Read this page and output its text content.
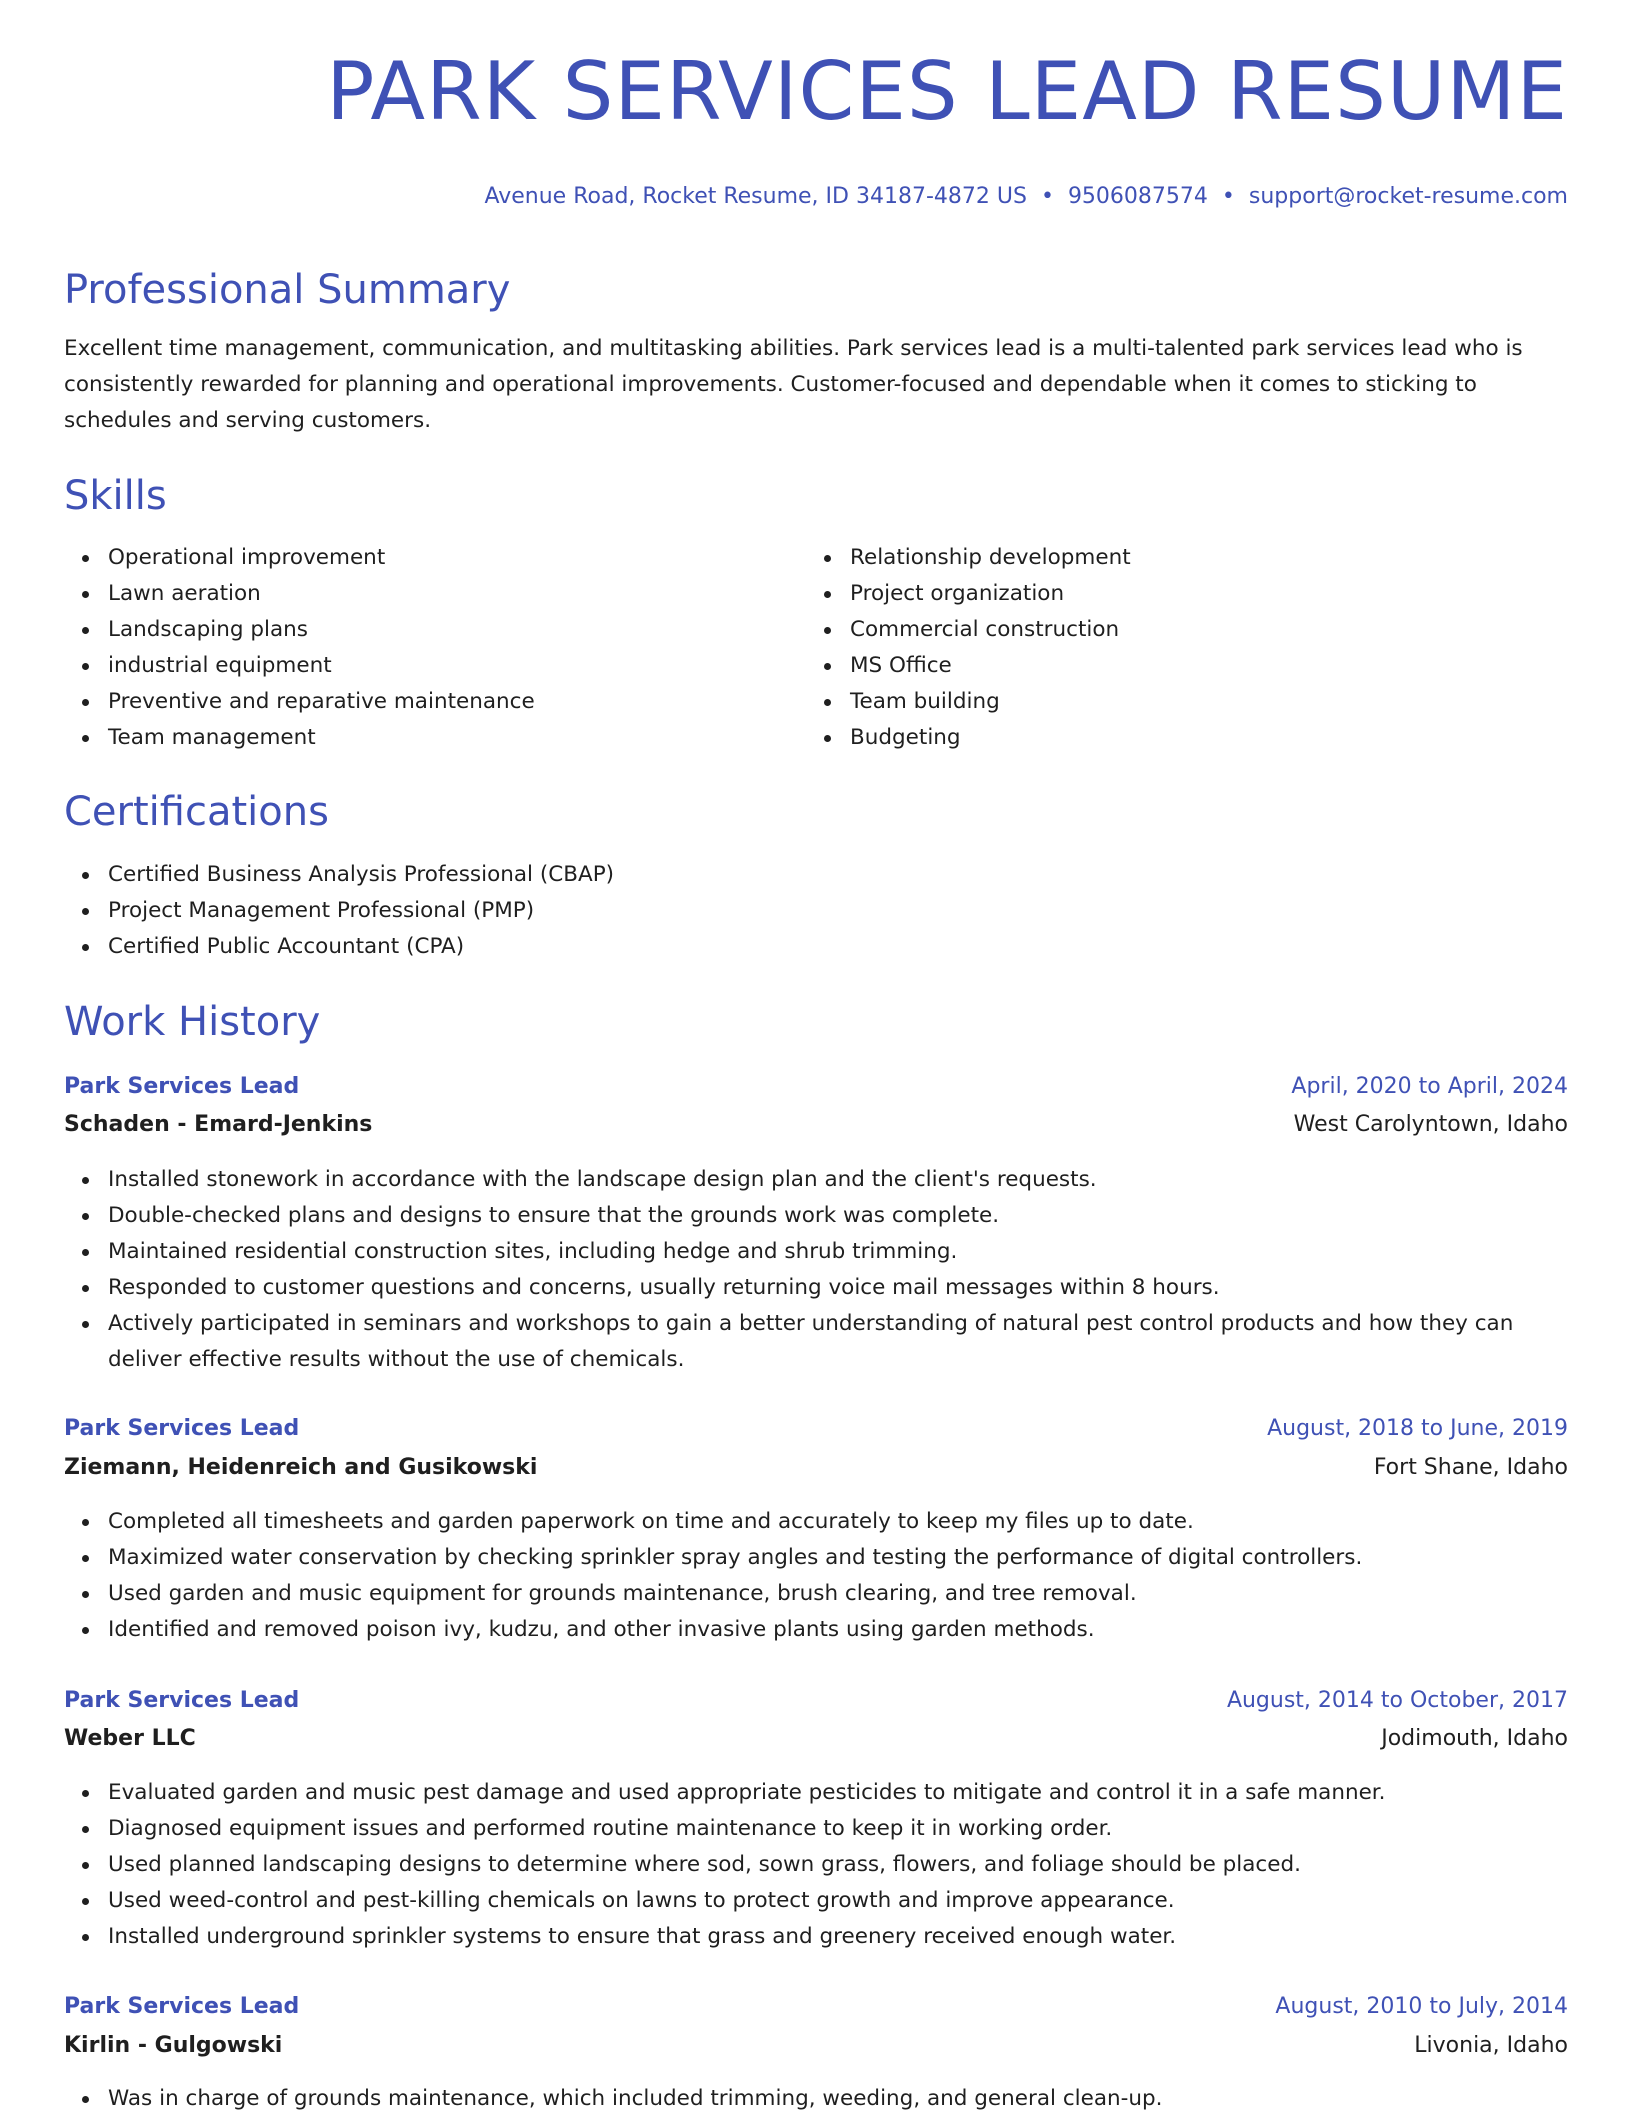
PARK SERVICES LEAD RESUME
Avenue Road, Rocket Resume, ID 34187-4872 US • 9506087574 • support@rocket-resume.com
Professional Summary

Excellent time management, communication, and multitasking abilities. Park services lead is a multi-talented park services lead who is consistently rewarded for planning and operational improvements. Customer-focused and dependable when it comes to sticking to schedules and serving customers.

Skills
Operational improvement
Lawn aeration
Landscaping plans
industrial equipment
Preventive and reparative maintenance
Team management
Relationship development
Project organization
Commercial construction
MS Office
Team building
Budgeting
Certifications
Certified Business Analysis Professional (CBAP)
Project Management Professional (PMP)
Certified Public Accountant (CPA)
Work History
Park Services Lead	April, 2020 to April, 2024
Schaden - Emard-Jenkins	West Carolyntown, Idaho
Installed stonework in accordance with the landscape design plan and the client's requests.
Double-checked plans and designs to ensure that the grounds work was complete.
Maintained residential construction sites, including hedge and shrub trimming.
Responded to customer questions and concerns, usually returning voice mail messages within 8 hours.
Actively participated in seminars and workshops to gain a better understanding of natural pest control products and how they can deliver effective results without the use of chemicals.
Park Services Lead	August, 2018 to June, 2019
Ziemann, Heidenreich and Gusikowski	Fort Shane, Idaho
Completed all timesheets and garden paperwork on time and accurately to keep my files up to date.
Maximized water conservation by checking sprinkler spray angles and testing the performance of digital controllers.
Used garden and music equipment for grounds maintenance, brush clearing, and tree removal.
Identified and removed poison ivy, kudzu, and other invasive plants using garden methods.
Park Services Lead	August, 2014 to October, 2017
Weber LLC	Jodimouth, Idaho
Evaluated garden and music pest damage and used appropriate pesticides to mitigate and control it in a safe manner.
Diagnosed equipment issues and performed routine maintenance to keep it in working order.
Used planned landscaping designs to determine where sod, sown grass, flowers, and foliage should be placed.
Used weed-control and pest-killing chemicals on lawns to protect growth and improve appearance.
Installed underground sprinkler systems to ensure that grass and greenery received enough water.
Park Services Lead	August, 2010 to July, 2014
Kirlin - Gulgowski	Livonia, Idaho
Was in charge of grounds maintenance, which included trimming, weeding, and general clean-up.
